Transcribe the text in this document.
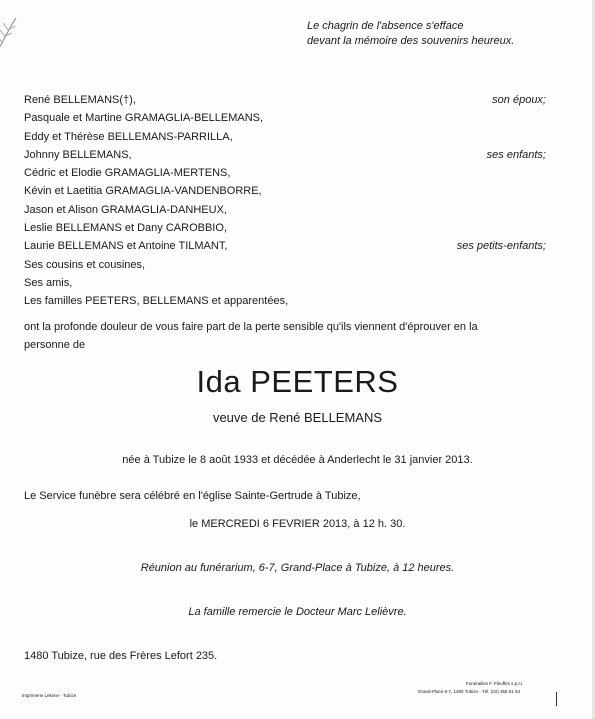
Le chagrin de l'absence s'efface
devant la mémoire des souvenirs heureux.
René BELLEMANS(†),	son époux;
Pasquale et Martine GRAMAGLIA-BELLEMANS,
Eddy et Thérèse BELLEMANS-PARRILLA,
Johnny BELLEMANS,	ses enfants;
Cédric et Elodie GRAMAGLIA-MERTENS,
Kévin et Laetitia GRAMAGLIA-VANDENBORRE,
Jason et Alison GRAMAGLIA-DANHEUX,
Leslie BELLEMANS et Dany CAROBBIO,
Laurie BELLEMANS et Antoine TILMANT,	ses petits-enfants;
Ses cousins et cousines,
Ses amis,
Les familles PEETERS, BELLEMANS et apparentées,
ont la profonde douleur de vous faire part de la perte sensible qu'ils viennent d'éprouver en la
personne de
Ida PEETERS
veuve de René BELLEMANS
née à Tubize le 8 août 1933 et décédée à Anderlecht le 31 janvier 2013.
Le Service funèbre sera célébré en l'église Sainte-Gertrude à Tubize,
le MERCREDI 6 FEVRIER 2013, à 12 h. 30.
Réunion au funérarium, 6-7, Grand-Place à Tubize, à 12 heures.
La famille remercie le Docteur Marc Lelièvre.
1480 Tubize, rue des Frères Lefort 235.
Imprimerie Lekime - Tubize
Funérailles F. Fleuffes s.p.r.l.
Grand-Place 6-7, 1480 Tubize - Tél. (02) 355 51 94
